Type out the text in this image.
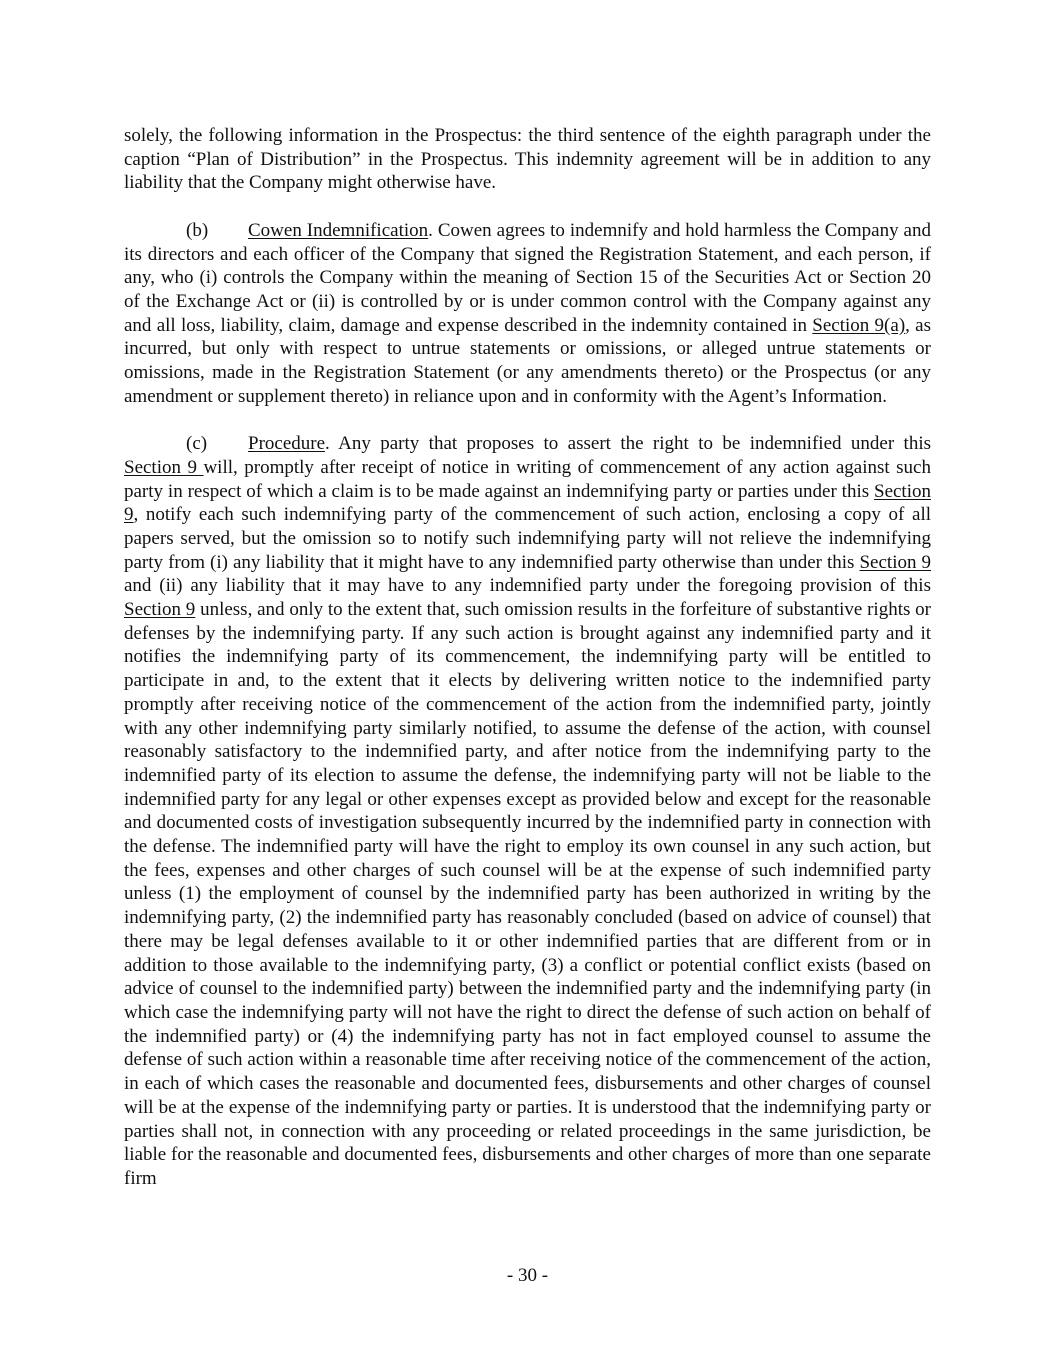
solely, the following information in the Prospectus: the third sentence of the eighth paragraph under the caption “Plan of Distribution” in the Prospectus. This indemnity agreement will be in addition to any liability that the Company might otherwise have.

(b) Cowen Indemnification. Cowen agrees to indemnify and hold harmless the Company and its directors and each officer of the Company that signed the Registration Statement, and each person, if any, who (i) controls the Company within the meaning of Section 15 of the Securities Act or Section 20 of the Exchange Act or (ii) is controlled by or is under common control with the Company against any and all loss, liability, claim, damage and expense described in the indemnity contained in Section 9(a), as incurred, but only with respect to untrue statements or omissions, or alleged untrue statements or omissions, made in the Registration Statement (or any amendments thereto) or the Prospectus (or any amendment or supplement thereto) in reliance upon and in conformity with the Agent’s Information.

(c) Procedure. Any party that proposes to assert the right to be indemnified under this Section 9 will, promptly after receipt of notice in writing of commencement of any action against such party in respect of which a claim is to be made against an indemnifying party or parties under this Section 9, notify each such indemnifying party of the commencement of such action, enclosing a copy of all papers served, but the omission so to notify such indemnifying party will not relieve the indemnifying party from (i) any liability that it might have to any indemnified party otherwise than under this Section 9 and (ii) any liability that it may have to any indemnified party under the foregoing provision of this Section 9 unless, and only to the extent that, such omission results in the forfeiture of substantive rights or defenses by the indemnifying party. If any such action is brought against any indemnified party and it notifies the indemnifying party of its commencement, the indemnifying party will be entitled to participate in and, to the extent that it elects by delivering written notice to the indemnified party promptly after receiving notice of the commencement of the action from the indemnified party, jointly with any other indemnifying party similarly notified, to assume the defense of the action, with counsel reasonably satisfactory to the indemnified party, and after notice from the indemnifying party to the indemnified party of its election to assume the defense, the indemnifying party will not be liable to the indemnified party for any legal or other expenses except as provided below and except for the reasonable and documented costs of investigation subsequently incurred by the indemnified party in connection with the defense. The indemnified party will have the right to employ its own counsel in any such action, but the fees, expenses and other charges of such counsel will be at the expense of such indemnified party unless (1) the employment of counsel by the indemnified party has been authorized in writing by the indemnifying party, (2) the indemnified party has reasonably concluded (based on advice of counsel) that there may be legal defenses available to it or other indemnified parties that are different from or in addition to those available to the indemnifying party, (3) a conflict or potential conflict exists (based on advice of counsel to the indemnified party) between the indemnified party and the indemnifying party (in which case the indemnifying party will not have the right to direct the defense of such action on behalf of the indemnified party) or (4) the indemnifying party has not in fact employed counsel to assume the defense of such action within a reasonable time after receiving notice of the commencement of the action, in each of which cases the reasonable and documented fees, disbursements and other charges of counsel will be at the expense of the indemnifying party or parties. It is understood that the indemnifying party or parties shall not, in connection with any proceeding or related proceedings in the same jurisdiction, be liable for the reasonable and documented fees, disbursements and other charges of more than one separate firm

- 30 -
